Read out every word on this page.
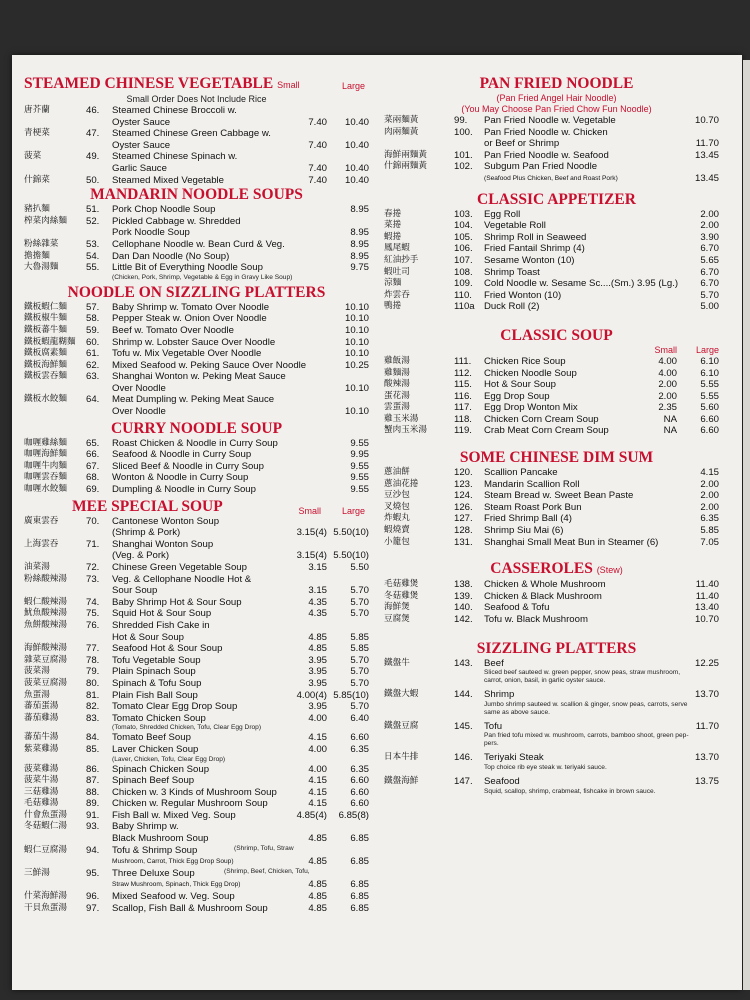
STEAMED CHINESE VEGETABLE Small	Large
Small Order Does Not Include Rice
唐芥蘭	46.	Steamed Chinese Broccoli w.
Oyster Sauce	7.40 10.40
青梗菜	47.	Steamed Chinese Green Cabbage w.
Oyster Sauce	7.40 10.40
菠菜	49.	Steamed Chinese Spinach w.
Garlic Sauce	7.40 10.40
什錦菜	50.	Steamed Mixed Vegetable	7.40 10.40
MANDARIN NOODLE SOUPS
豬扒麵	51.	Pork Chop Noodle Soup	8.95
榨菜肉絲麵	52.	Pickled Cabbage w. Shredded
Pork Noodle Soup	8.95
粉絲雜菜	53.	Cellophane Noodle w. Bean Curd & Veg.	8.95
擔擔麵	54.	Dan Dan Noodle (No Soup)	8.95
大魯湯麵	55.	Little Bit of Everything Noodle Soup	9.75
(Chicken, Pork, Shrimp, Vegetable & Egg in Gravy Like Soup)
NOODLE ON SIZZLING PLATTERS
鐵板蝦仁麵	57.	Baby Shrimp w. Tomato Over Noodle	10.10
鐵板椒牛麵	58.	Pepper Steak w. Onion Over Noodle	10.10
鐵板蕃牛麵	59.	Beef w. Tomato Over Noodle	10.10
鐵板蝦龍糊麵	60.	Shrimp w. Lobster Sauce Over Noodle	10.10
鐵板腐素麵	61.	Tofu w. Mix Vegetable Over Noodle	10.10
鐵板海鮮麵	62.	Mixed Seafood w. Peking Sauce Over Noodle	10.25
鐵板雲吞麵	63.	Shanghai Wonton w. Peking Meat Sauce
Over Noodle	10.10
鐵板水餃麵	64.	Meat Dumpling w. Peking Meat Sauce
Over Noodle	10.10
CURRY NOODLE SOUP
咖喱雞絲麵	65.	Roast Chicken & Noodle in Curry Soup	9.55
咖喱海鮮麵	66.	Seafood & Noodle in Curry Soup	9.95
咖喱牛肉麵	67.	Sliced Beef & Noodle in Curry Soup	9.55
咖喱雲吞麵	68.	Wonton & Noodle in Curry Soup	9.55
咖喱水餃麵	69.	Dumpling & Noodle in Curry Soup	9.55
MEE SPECIAL SOUP	Small Large
廣東雲吞	70.	Cantonese Wonton Soup
(Shrimp & Pork)	3.15(4) 5.50(10)
上海雲吞	71.	Shanghai Wonton Soup
(Veg. & Pork)	3.15(4) 5.50(10)
油菜湯	72.	Chinese Green Vegetable Soup	3.15 5.50
粉絲酸辣湯	73.	Veg. & Cellophane Noodle Hot &
Sour Soup	3.15 5.70
蝦仁酸辣湯	74.	Baby Shrimp Hot & Sour Soup	4.35 5.70
魷魚酸辣湯	75.	Squid Hot & Sour Soup	4.35 5.70
魚餅酸辣湯	76.	Shredded Fish Cake in
Hot & Sour Soup	4.85 5.85
海鮮酸辣湯	77.	Seafood Hot & Sour Soup	4.85 5.85
雜菜豆腐湯	78.	Tofu Vegetable Soup	3.95 5.70
菠菜湯	79.	Plain Spinach Soup	3.95 5.70
菠菜豆腐湯	80.	Spinach & Tofu Soup	3.95 5.70
魚蛋湯	81.	Plain Fish Ball Soup	4.00(4) 5.85(10)
蕃茄蛋湯	82.	Tomato Clear Egg Drop Soup	3.95 5.70
蕃茄雞湯	83.	Tomato Chicken Soup	4.00 6.40
(Tomato, Shredded Chicken, Tofu, Clear Egg Drop)
蕃茄牛湯	84.	Tomato Beef Soup	4.15 6.60
紫菜雞湯	85.	Laver Chicken Soup	4.00 6.35
(Laver, Chicken, Tofu, Clear Egg Drop)
菠菜雞湯	86.	Spinach Chicken Soup	4.00 6.35
菠菜牛湯	87.	Spinach Beef Soup	4.15 6.60
三菇雞湯	88.	Chicken w. 3 Kinds of Mushroom Soup	4.15 6.60
毛菇雞湯	89.	Chicken w. Regular Mushroom Soup	4.15 6.60
什會魚蛋湯	91.	Fish Ball w. Mixed Veg. Soup	4.85(4) 6.85(8)
冬菇蝦仁湯	93.	Baby Shrimp w.
Black Mushroom Soup	4.85 6.85
蝦仁豆腐湯	94.	Tofu & Shrimp Soup	(Shrimp, Tofu, Straw
Mushroom, Carrot, Thick Egg Drop Soup)	4.85 6.85
三鮮湯	95.	Three Deluxe Soup	(Shrimp, Beef, Chicken, Tofu,
Straw Mushroom, Spinach, Thick Egg Drop)	4.85 6.85
什菜海鮮湯	96.	Mixed Seafood w. Veg. Soup	4.85 6.85
干貝魚蛋湯	97.	Scallop, Fish Ball & Mushroom Soup	4.85 6.85
PAN FRIED NOODLE
(Pan Fried Angel Hair Noodle)
(You May Choose Pan Fried Chow Fun Noodle)
菜兩麵黃	99.	Pan Fried Noodle w. Vegetable	10.70
肉兩麵黃	100.	Pan Fried Noodle w. Chicken
or Beef or Shrimp	11.70
海鮮兩麵黃	101.	Pan Fried Noodle w. Seafood	13.45
什錦兩麵黃	102.	Subgum Pan Fried Noodle
(Seafood Plus Chicken, Beef and Roast Pork)	13.45
CLASSIC APPETIZER
春捲	103.	Egg Roll	2.00
菜捲	104.	Vegetable Roll	2.00
蝦捲	105.	Shrimp Roll in Seaweed	3.90
鳳尾蝦	106.	Fried Fantail Shrimp (4)	6.70
紅油抄手	107.	Sesame Wonton (10)	5.65
蝦吐司	108.	Shrimp Toast	6.70
涼麵	109.	Cold Noodle w. Sesame Sc....(Sm.) 3.95 (Lg.) 6.70
炸雲吞	110.	Fried Wonton (10)	5.70
鴨捲	110a Duck Roll (2)	5.00
CLASSIC SOUP
Small Large
雞飯湯	111.	Chicken Rice Soup	4.00 6.10
雞麵湯	112.	Chicken Noodle Soup	4.00 6.10
酸辣湯	115.	Hot & Sour Soup	2.00 5.55
蛋花湯	116.	Egg Drop Soup	2.00 5.55
雲蛋湯	117.	Egg Drop Wonton Mix	2.35 5.60
雞玉米湯	118.	Chicken Corn Cream Soup	NA 6.60
蟹肉玉米湯	119.	Crab Meat Corn Cream Soup	NA 6.60
SOME CHINESE DIM SUM
蔥油餅	120.	Scallion Pancake	4.15
蔥油花捲	123.	Mandarin Scallion Roll	2.00
豆沙包	124.	Steam Bread w. Sweet Bean Paste	2.00
叉燒包	126.	Steam Roast Pork Bun	2.00
炸蝦丸	127.	Fried Shrimp Ball (4)	6.35
蝦燒賣	128.	Shrimp Siu Mai (6)	5.85
小籠包	131.	Shanghai Small Meat Bun in Steamer (6)	7.05
CASSEROLES (Stew)
毛菇雞煲	138.	Chicken & Whole Mushroom	11.40
冬菇雞煲	139.	Chicken & Black Mushroom	11.40
海鮮煲	140.	Seafood & Tofu	13.40
豆腐煲	142.	Tofu w. Black Mushroom	10.70
SIZZLING PLATTERS
鐵盤牛	143.	Beef	12.25
Sliced beef sauteed w. green pepper, snow peas, straw mushroom,
carrot, onion, basil, in garlic oyster sauce.
鐵盤大蝦	144.	Shrimp	13.70
Jumbo shrimp sauteed w. scallion & ginger, snow peas, carrots, serve
same as above sauce.
鐵盤豆腐	145.	Tofu	11.70
Pan fried tofu mixed w. mushroom, carrots, bamboo shoot, green pep-
pers.
日本牛排	146.	Teriyaki Steak	13.70
Top choice rib eye steak w. teriyaki sauce.
鐵盤海鮮	147.	Seafood	13.75
Squid, scallop, shrimp, crabmeat, fishcake in brown sauce.
